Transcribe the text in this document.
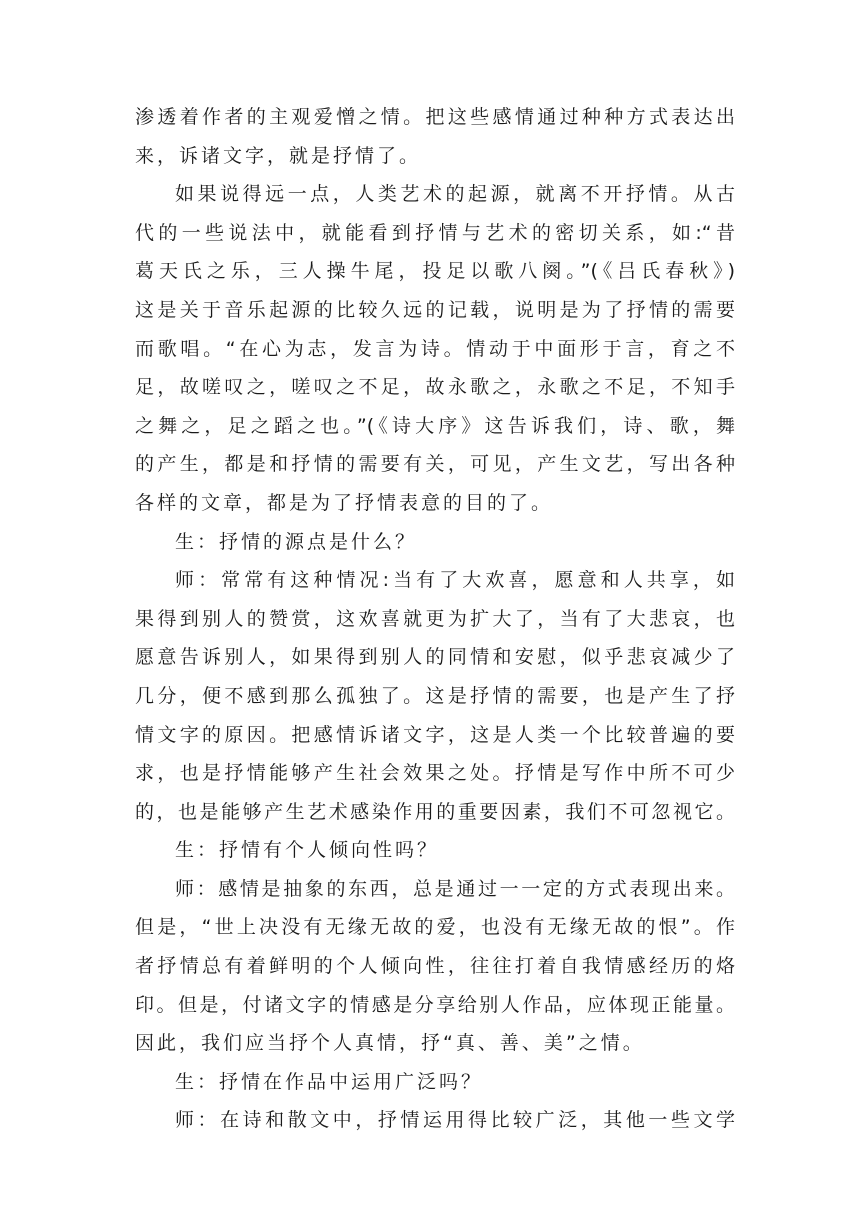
渗透着作者的主观爱憎之情。把这些感情通过种种方式表达出
来，诉诸文字，就是抒情了。
如果说得远一点，人类艺术的起源，就离不开抒情。从古
代的一些说法中，就能看到抒情与艺术的密切关系，如:“昔
葛天氏之乐，三人操牛尾，投足以歌八阕。”(《吕氏春秋》)
这是关于音乐起源的比较久远的记载，说明是为了抒情的需要
而歌唱。“在心为志，发言为诗。情动于中面形于言，育之不
足，故嗟叹之，嗟叹之不足，故永歌之，永歌之不足，不知手
之舞之，足之蹈之也。”(《诗大序》这告诉我们，诗、歌，舞
的产生，都是和抒情的需要有关，可见，产生文艺，写出各种
各样的文章，都是为了抒情表意的目的了。
生：抒情的源点是什么？
师：常常有这种情况:当有了大欢喜，愿意和人共享，如
果得到别人的赞赏，这欢喜就更为扩大了，当有了大悲哀，也
愿意告诉别人，如果得到别人的同情和安慰，似乎悲哀减少了
几分，便不感到那么孤独了。这是抒情的需要，也是产生了抒
情文字的原因。把感情诉诸文字，这是人类一个比较普遍的要
求，也是抒情能够产生社会效果之处。抒情是写作中所不可少
的，也是能够产生艺术感染作用的重要因素，我们不可忽视它。
生：抒情有个人倾向性吗？
师：感情是抽象的东西，总是通过一一定的方式表现出来。
但是，“世上决没有无缘无故的爱，也没有无缘无故的恨”。作
者抒情总有着鲜明的个人倾向性，往往打着自我情感经历的烙
印。但是，付诸文字的情感是分享给别人作品，应体现正能量。
因此，我们应当抒个人真情，抒“真、善、美”之情。
生：抒情在作品中运用广泛吗？
师：在诗和散文中，抒情运用得比较广泛，其他一些文学
